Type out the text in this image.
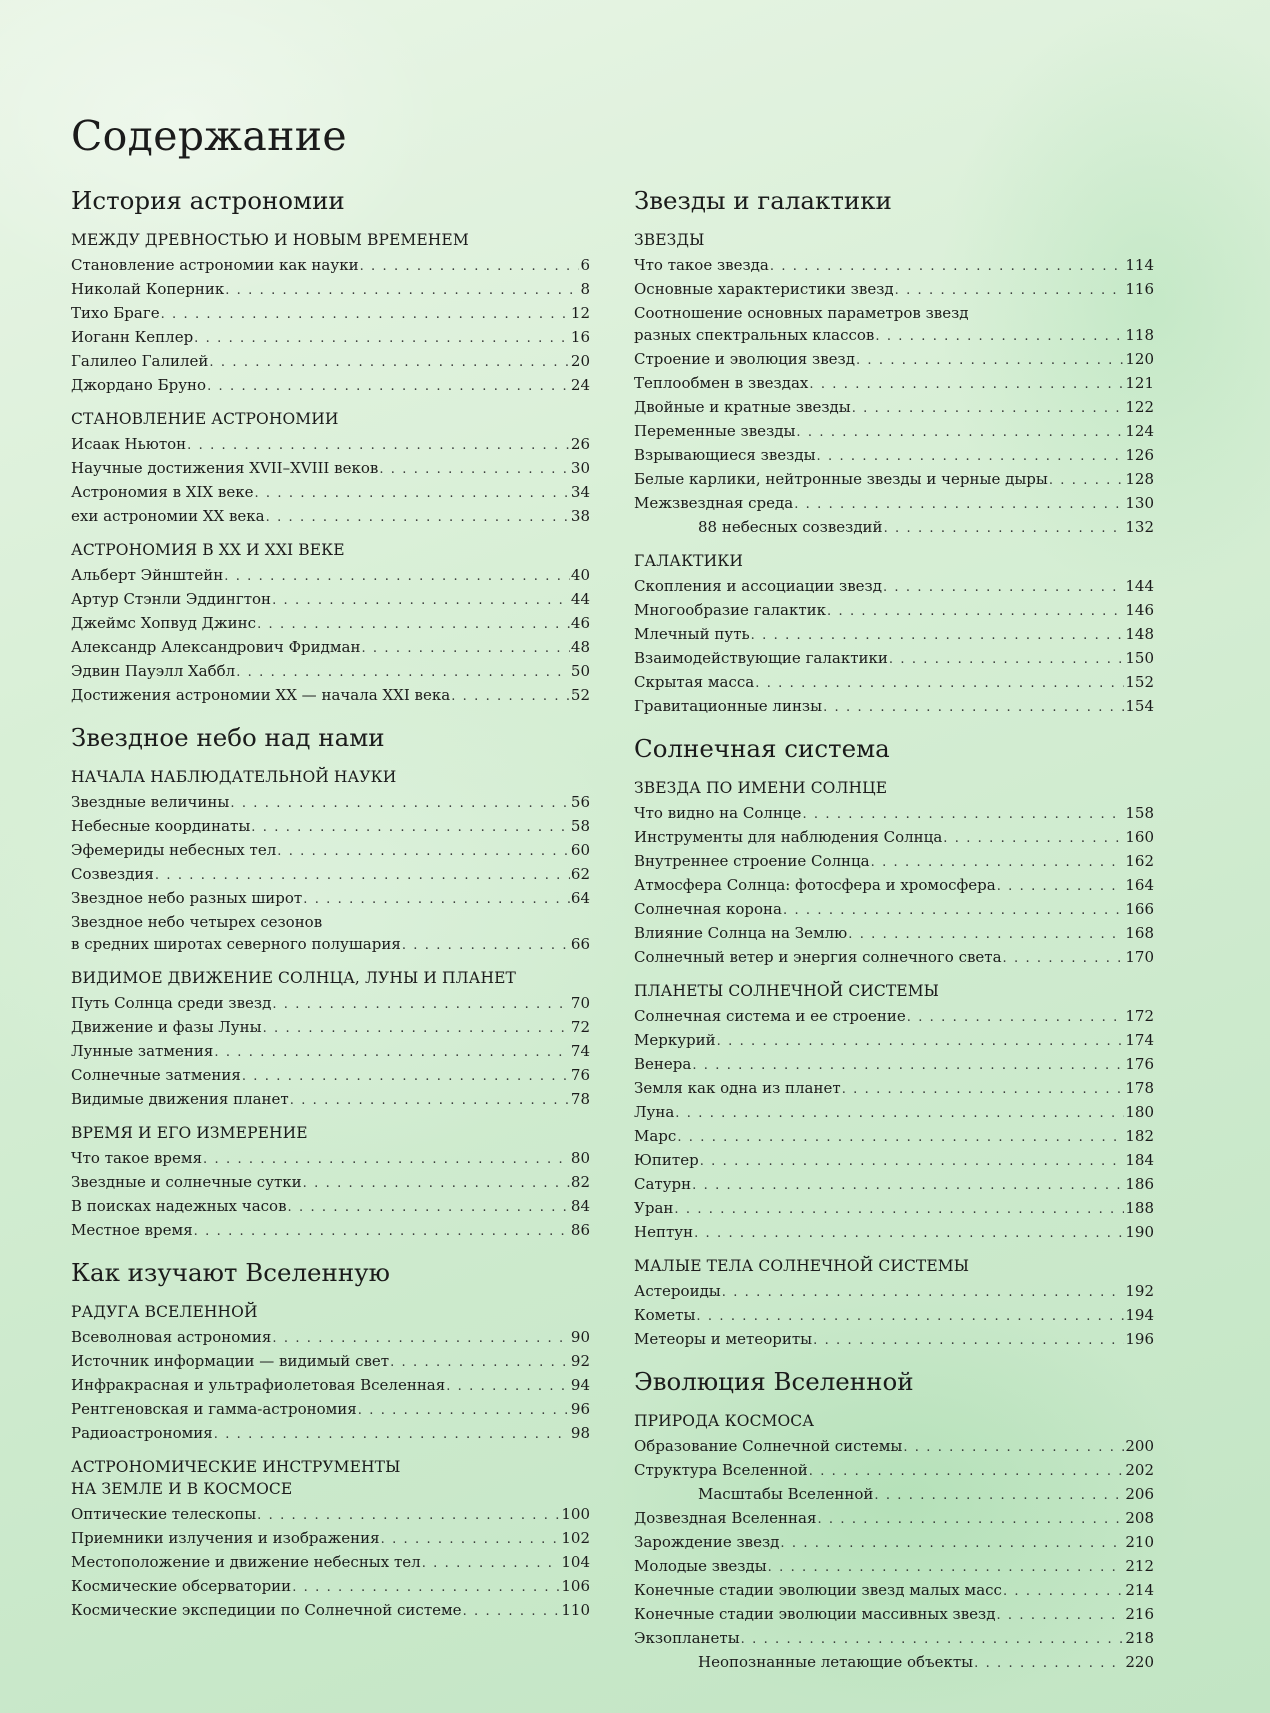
Содержание
История астрономии
МЕЖДУ ДРЕВНОСТЬЮ И НОВЫМ ВРЕМЕНЕМ
Становление астрономии как науки . . .	6
Николай Коперник . . .	8
Тихо Браге . . .	12
Иоганн Кеплер . . .	16
Галилео Галилей . . .	20
Джордано Бруно . . .	24
СТАНОВЛЕНИЕ АСТРОНОМИИ
Исаак Ньютон . . .	26
Научные достижения XVII–XVIII веков . . .	30
Астрономия в XIX веке . . .	34
ехи астрономии XX века . . .	38
АСТРОНОМИЯ В XX И XXI ВЕКЕ
Альберт Эйнштейн . . .	40
Артур Стэнли Эддингтон . . .	44
Джеймс Хопвуд Джинс . . .	46
Александр Александрович Фридман . . .	48
Эдвин Пауэлл Хаббл . . .	50
Достижения астрономии XX — начала XXI века . . .	52
Звездное небо над нами
НАЧАЛА НАБЛЮДАТЕЛЬНОЙ НАУКИ
Звездные величины . . .	56
Небесные координаты . . .	58
Эфемериды небесных тел . . .	60
Созвездия . . .	62
Звездное небо разных широт . . .	64
Звездное небо четырех сезонов
в средних широтах северного полушария . . .	66
ВИДИМОЕ ДВИЖЕНИЕ СОЛНЦА, ЛУНЫ И ПЛАНЕТ
Путь Солнца среди звезд . . .	70
Движение и фазы Луны . . .	72
Лунные затмения . . .	74
Солнечные затмения . . .	76
Видимые движения планет . . .	78
ВРЕМЯ И ЕГО ИЗМЕРЕНИЕ
Что такое время . . .	80
Звездные и солнечные сутки . . .	82
В поисках надежных часов . . .	84
Местное время . . .	86
Как изучают Вселенную
РАДУГА ВСЕЛЕННОЙ
Всеволновая астрономия . . .	90
Источник информации — видимый свет . . .	92
Инфракрасная и ультрафиолетовая Вселенная . . .	94
Рентгеновская и гамма-астрономия . . .	96
Радиоастрономия . . .	98
АСТРОНОМИЧЕСКИЕ ИНСТРУМЕНТЫ
НА ЗЕМЛЕ И В КОСМОСЕ
Оптические телескопы . . .	100
Приемники излучения и изображения . . .	102
Местоположение и движение небесных тел . . .	104
Космические обсерватории . . .	106
Космические экспедиции по Солнечной системе . . .	110
Звезды и галактики
ЗВЕЗДЫ
Что такое звезда . . .	114
Основные характеристики звезд . . .	116
Соотношение основных параметров звезд
разных спектральных классов . . .	118
Строение и эволюция звезд . . .	120
Теплообмен в звездах . . .	121
Двойные и кратные звезды . . .	122
Переменные звезды . . .	124
Взрывающиеся звезды . . .	126
Белые карлики, нейтронные звезды и черные дыры . . .	128
Межзвездная среда . . .	130
88 небесных созвездий . . .	132
ГАЛАКТИКИ
Скопления и ассоциации звезд . . .	144
Многообразие галактик . . .	146
Млечный путь . . .	148
Взаимодействующие галактики . . .	150
Скрытая масса . . .	152
Гравитационные линзы . . .	154
Солнечная система
ЗВЕЗДА ПО ИМЕНИ СОЛНЦЕ
Что видно на Солнце . . .	158
Инструменты для наблюдения Солнца . . .	160
Внутреннее строение Солнца . . .	162
Атмосфера Солнца: фотосфера и хромосфера . . .	164
Солнечная корона . . .	166
Влияние Солнца на Землю . . .	168
Солнечный ветер и энергия солнечного света . . .	170
ПЛАНЕТЫ СОЛНЕЧНОЙ СИСТЕМЫ
Солнечная система и ее строение . . .	172
Меркурий . . .	174
Венера . . .	176
Земля как одна из планет . . .	178
Луна . . .	180
Марс . . .	182
Юпитер . . .	184
Сатурн . . .	186
Уран . . .	188
Нептун . . .	190
МАЛЫЕ ТЕЛА СОЛНЕЧНОЙ СИСТЕМЫ
Астероиды . . .	192
Кометы . . .	194
Метеоры и метеориты . . .	196
Эволюция Вселенной
ПРИРОДА КОСМОСА
Образование Солнечной системы . . .	200
Структура Вселенной . . .	202
Масштабы Вселенной . . .	206
Дозвездная Вселенная . . .	208
Зарождение звезд . . .	210
Молодые звезды . . .	212
Конечные стадии эволюции звезд малых масс . . .	214
Конечные стадии эволюции массивных звезд . . .	216
Экзопланеты . . .	218
Неопознанные летающие объекты . . .	220
